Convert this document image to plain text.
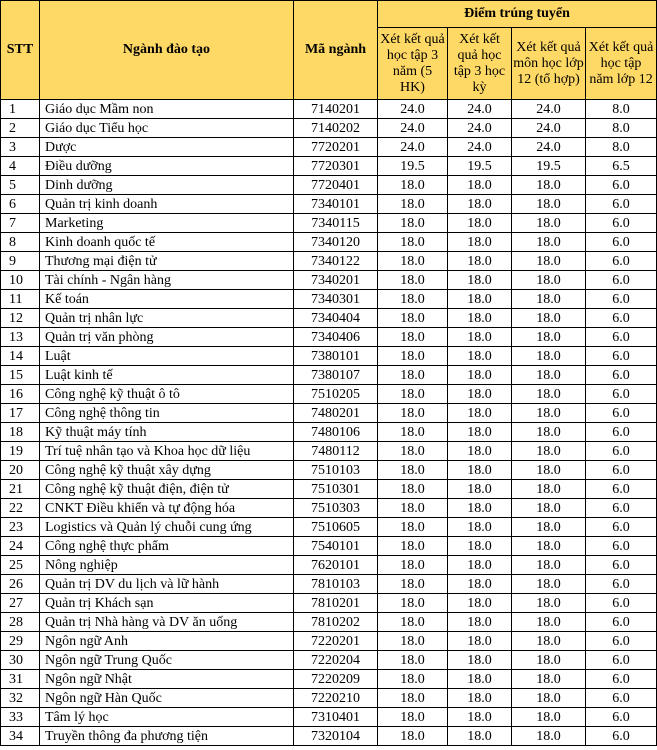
STT	Ngành đào tạo	Mã ngành	Điểm trúng tuyển			
			Xét kết quả học tập 3 năm (5 HK)	Xét kết quả học tập 3 học kỳ	Xét kết quả môn học lớp 12 (tổ hợp)	Xét kết quả học tập năm lớp 12
1	Giáo dục Mầm non	7140201	24.0	24.0	24.0	8.0
2	Giáo dục Tiểu học	7140202	24.0	24.0	24.0	8.0
3	Dược	7720201	24.0	24.0	24.0	8.0
4	Điều dưỡng	7720301	19.5	19.5	19.5	6.5
5	Dinh dưỡng	7720401	18.0	18.0	18.0	6.0
6	Quản trị kinh doanh	7340101	18.0	18.0	18.0	6.0
7	Marketing	7340115	18.0	18.0	18.0	6.0
8	Kinh doanh quốc tế	7340120	18.0	18.0	18.0	6.0
9	Thương mại điện tử	7340122	18.0	18.0	18.0	6.0
10	Tài chính - Ngân hàng	7340201	18.0	18.0	18.0	6.0
11	Kế toán	7340301	18.0	18.0	18.0	6.0
12	Quản trị nhân lực	7340404	18.0	18.0	18.0	6.0
13	Quản trị văn phòng	7340406	18.0	18.0	18.0	6.0
14	Luật	7380101	18.0	18.0	18.0	6.0
15	Luật kinh tế	7380107	18.0	18.0	18.0	6.0
16	Công nghệ kỹ thuật ô tô	7510205	18.0	18.0	18.0	6.0
17	Công nghệ thông tin	7480201	18.0	18.0	18.0	6.0
18	Kỹ thuật máy tính	7480106	18.0	18.0	18.0	6.0
19	Trí tuệ nhân tạo và Khoa học dữ liệu	7480112	18.0	18.0	18.0	6.0
20	Công nghệ kỹ thuật xây dựng	7510103	18.0	18.0	18.0	6.0
21	Công nghệ kỹ thuật điện, điện tử	7510301	18.0	18.0	18.0	6.0
22	CNKT Điều khiển và tự động hóa	7510303	18.0	18.0	18.0	6.0
23	Logistics và Quản lý chuỗi cung ứng	7510605	18.0	18.0	18.0	6.0
24	Công nghệ thực phẩm	7540101	18.0	18.0	18.0	6.0
25	Nông nghiệp	7620101	18.0	18.0	18.0	6.0
26	Quản trị DV du lịch và lữ hành	7810103	18.0	18.0	18.0	6.0
27	Quản trị Khách sạn	7810201	18.0	18.0	18.0	6.0
28	Quản trị Nhà hàng và DV ăn uống	7810202	18.0	18.0	18.0	6.0
29	Ngôn ngữ Anh	7220201	18.0	18.0	18.0	6.0
30	Ngôn ngữ Trung Quốc	7220204	18.0	18.0	18.0	6.0
31	Ngôn ngữ Nhật	7220209	18.0	18.0	18.0	6.0
32	Ngôn ngữ Hàn Quốc	7220210	18.0	18.0	18.0	6.0
33	Tâm lý học	7310401	18.0	18.0	18.0	6.0
34	Truyền thông đa phương tiện	7320104	18.0	18.0	18.0	6.0
